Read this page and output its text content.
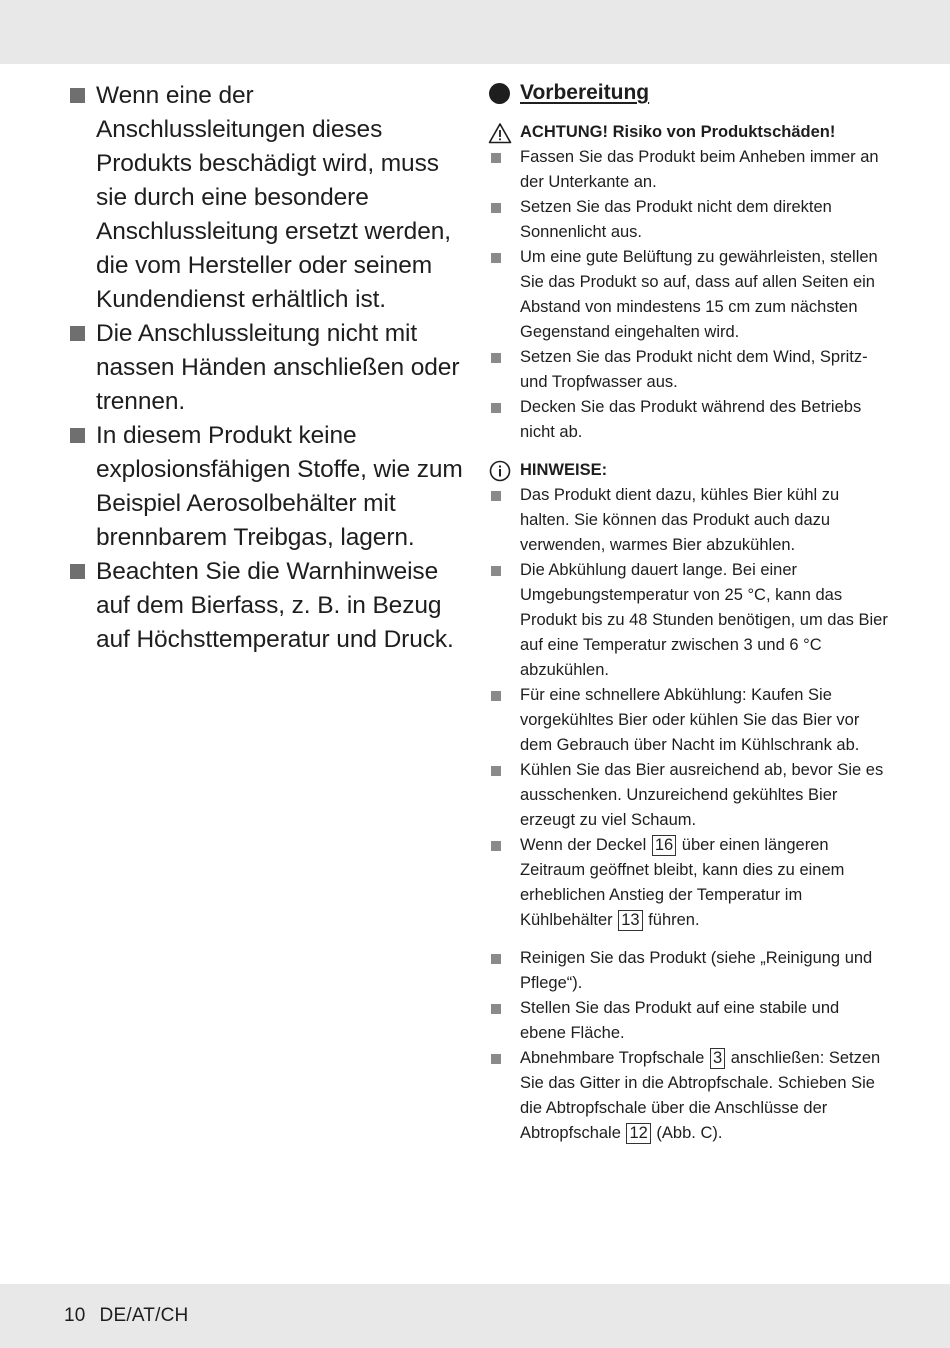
Wenn eine der Anschlussleitungen dieses Produkts beschädigt wird, muss sie durch eine besondere Anschlussleitung ersetzt werden, die vom Hersteller oder seinem Kundendienst erhältlich ist.
Die Anschlussleitung nicht mit nassen Händen anschließen oder trennen.
In diesem Produkt keine explosionsfähigen Stoffe, wie zum Beispiel Aerosolbehälter mit brennbarem Treibgas, lagern.
Beachten Sie die Warnhinweise auf dem Bierfass, z. B. in Bezug auf Höchsttemperatur und Druck.
Vorbereitung
ACHTUNG! Risiko von Produktschäden!
Fassen Sie das Produkt beim Anheben immer an der Unterkante an.
Setzen Sie das Produkt nicht dem direkten Sonnenlicht aus.
Um eine gute Belüftung zu gewährleisten, stellen Sie das Produkt so auf, dass auf allen Seiten ein Abstand von mindestens 15 cm zum nächsten Gegenstand eingehalten wird.
Setzen Sie das Produkt nicht dem Wind, Spritz- und Tropfwasser aus.
Decken Sie das Produkt während des Betriebs nicht ab.
HINWEISE:
Das Produkt dient dazu, kühles Bier kühl zu halten. Sie können das Produkt auch dazu verwenden, warmes Bier abzukühlen.
Die Abkühlung dauert lange. Bei einer Umgebungstemperatur von 25 °C, kann das Produkt bis zu 48 Stunden benötigen, um das Bier auf eine Temperatur zwischen 3 und 6 °C abzukühlen.
Für eine schnellere Abkühlung: Kaufen Sie vorgekühltes Bier oder kühlen Sie das Bier vor dem Gebrauch über Nacht im Kühlschrank ab.
Kühlen Sie das Bier ausreichend ab, bevor Sie es ausschenken. Unzureichend gekühltes Bier erzeugt zu viel Schaum.
Wenn der Deckel 16 über einen längeren Zeitraum geöffnet bleibt, kann dies zu einem erheblichen Anstieg der Temperatur im Kühlbehälter 13 führen.
Reinigen Sie das Produkt (siehe „Reinigung und Pflege“).
Stellen Sie das Produkt auf eine stabile und ebene Fläche.
Abnehmbare Tropfschale 3 anschließen: Setzen Sie das Gitter in die Abtropfschale. Schieben Sie die Abtropfschale über die Anschlüsse der Abtropfschale 12 (Abb. C).
10 DE/AT/CH
